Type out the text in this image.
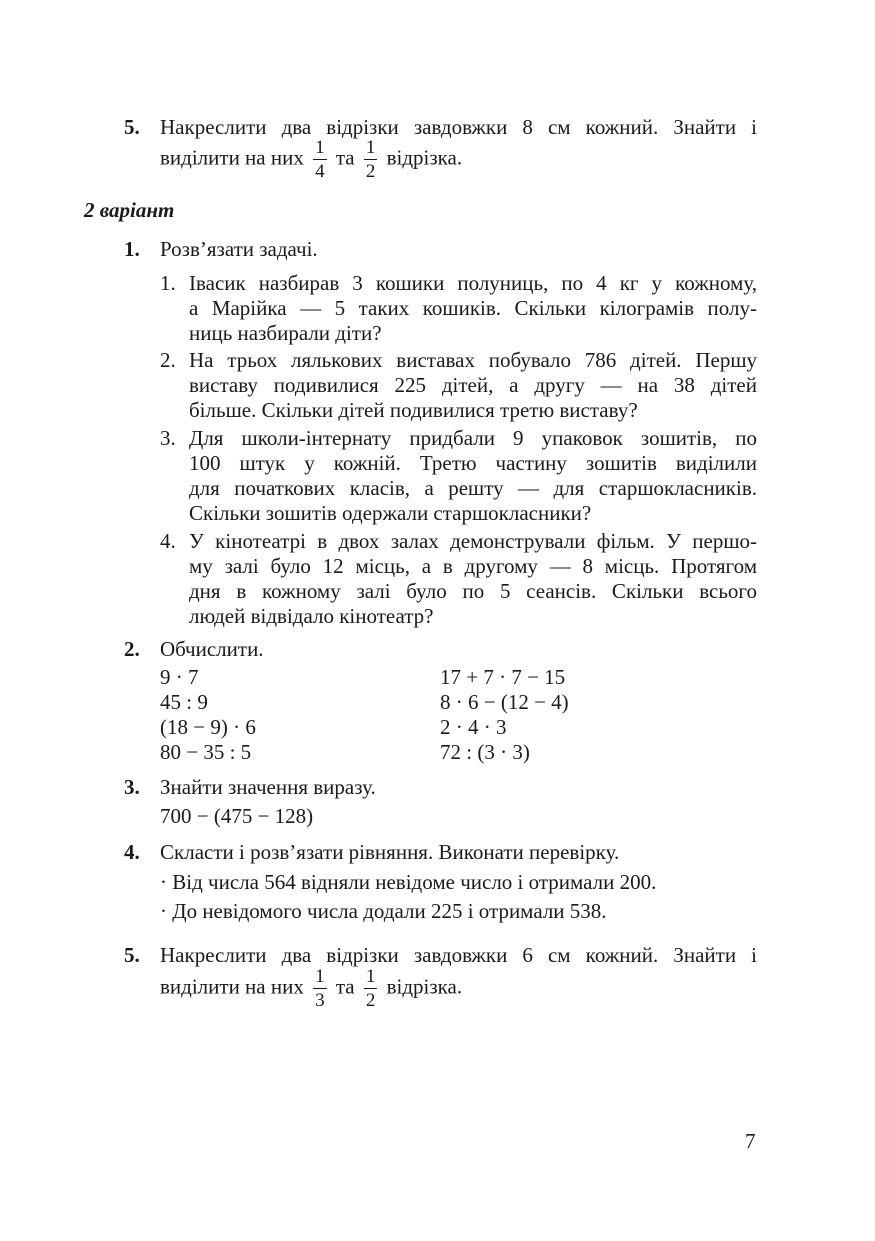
5. Накреслити два відрізки завдовжки 8 см кожний. Знайти і
виділити на них $\frac{1}{4}$ та $\frac{1}{2}$ відрізка.
2 варіант
1. Розв’язати задачі.
1. Івасик назбирав 3 кошики полуниць, по 4 кг у кожному,
а Марійка — 5 таких кошиків. Скільки кілограмів полу-
ниць назбирали діти?
2. На трьох лялькових виставах побувало 786 дітей. Першу
виставу подивилися 225 дітей, а другу — на 38 дітей
більше. Скільки дітей подивилися третю виставу?
3. Для школи-інтернату придбали 9 упаковок зошитів, по
100 штук у кожній. Третю частину зошитів виділили
для початкових класів, а решту — для старшокласників.
Скільки зошитів одержали старшокласники?
4. У кінотеатрі в двох залах демонстрували фільм. У першо-
му залі було 12 місць, а в другому — 8 місць. Протягом
дня в кожному залі було по 5 сеансів. Скільки всього
людей відвідало кінотеатр?
2. Обчислити.
9 · 7
45 : 9
(18 − 9) · 6
80 − 35 : 5
17 + 7 · 7 − 15
8 · 6 − (12 − 4)
2 · 4 · 3
72 : (3 · 3)
3. Знайти значення виразу.
700 − (475 − 128)
4. Скласти і розв’язати рівняння. Виконати перевірку.
· Від числа 564 відняли невідоме число і отримали 200.
· До невідомого числа додали 225 і отримали 538.
5. Накреслити два відрізки завдовжки 6 см кожний. Знайти і
виділити на них $\frac{1}{3}$ та $\frac{1}{2}$ відрізка.
7
